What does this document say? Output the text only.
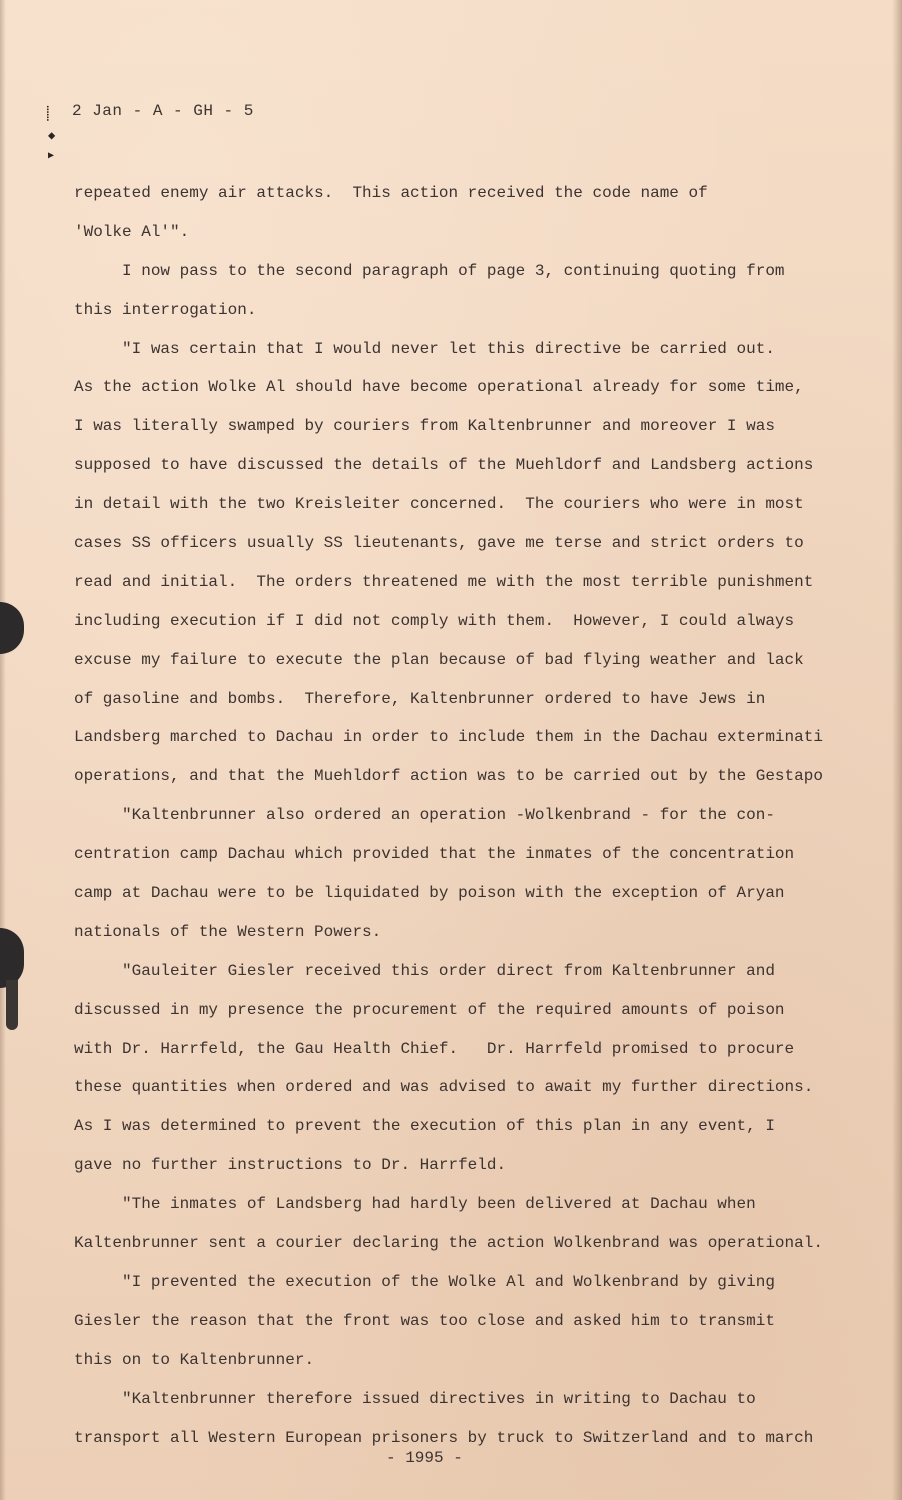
⸽
◆
▶
2 Jan - A - GH - 5
repeated enemy air attacks.  This action received the code name of
'Wolke Al'".
I now pass to the second paragraph of page 3, continuing quoting from
this interrogation.
"I was certain that I would never let this directive be carried out.
As the action Wolke Al should have become operational already for some time,
I was literally swamped by couriers from Kaltenbrunner and moreover I was
supposed to have discussed the details of the Muehldorf and Landsberg actions
in detail with the two Kreisleiter concerned.  The couriers who were in most
cases SS officers usually SS lieutenants, gave me terse and strict orders to
read and initial.  The orders threatened me with the most terrible punishment
including execution if I did not comply with them.  However, I could always
excuse my failure to execute the plan because of bad flying weather and lack
of gasoline and bombs.  Therefore, Kaltenbrunner ordered to have Jews in
Landsberg marched to Dachau in order to include them in the Dachau exterminati
operations, and that the Muehldorf action was to be carried out by the Gestapo
"Kaltenbrunner also ordered an operation -Wolkenbrand - for the con-
centration camp Dachau which provided that the inmates of the concentration
camp at Dachau were to be liquidated by poison with the exception of Aryan
nationals of the Western Powers.
"Gauleiter Giesler received this order direct from Kaltenbrunner and
discussed in my presence the procurement of the required amounts of poison
with Dr. Harrfeld, the Gau Health Chief.   Dr. Harrfeld promised to procure
these quantities when ordered and was advised to await my further directions.
As I was determined to prevent the execution of this plan in any event, I
gave no further instructions to Dr. Harrfeld.
"The inmates of Landsberg had hardly been delivered at Dachau when
Kaltenbrunner sent a courier declaring the action Wolkenbrand was operational.
"I prevented the execution of the Wolke Al and Wolkenbrand by giving
Giesler the reason that the front was too close and asked him to transmit
this on to Kaltenbrunner.
"Kaltenbrunner therefore issued directives in writing to Dachau to
transport all Western European prisoners by truck to Switzerland and to march
- 1995 -
